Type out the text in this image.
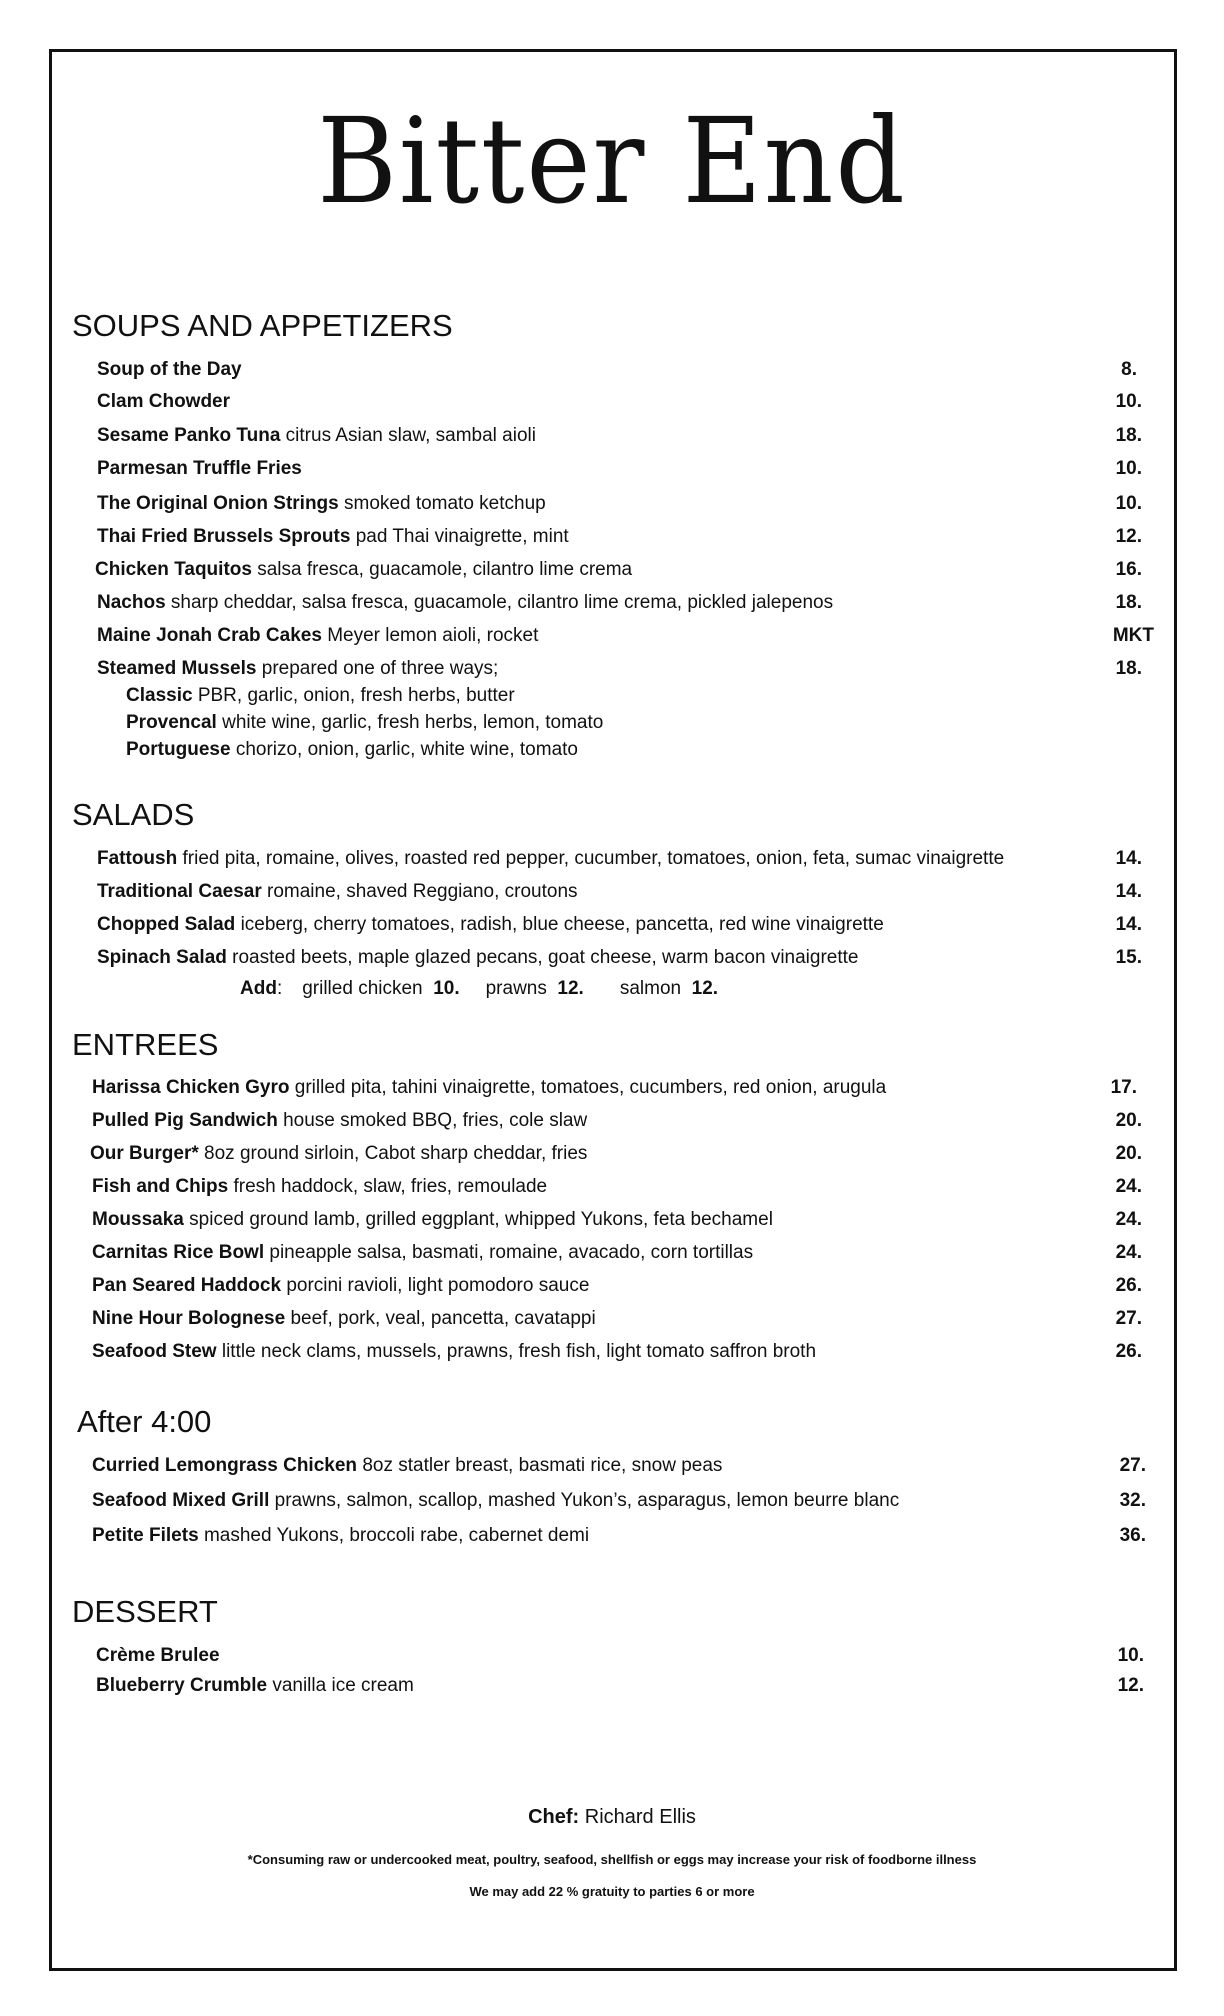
Bitter End
SOUPS AND APPETIZERS
Soup of the Day	8.
Clam Chowder	10.
Sesame Panko Tuna citrus Asian slaw, sambal aioli	18.
Parmesan Truffle Fries	10.
The Original Onion Strings smoked tomato ketchup	10.
Thai Fried Brussels Sprouts pad Thai vinaigrette, mint	12.
Chicken Taquitos salsa fresca, guacamole, cilantro lime crema	16.
Nachos sharp cheddar, salsa fresca, guacamole, cilantro lime crema, pickled jalepenos	18.
Maine Jonah Crab Cakes Meyer lemon aioli, rocket	MKT
Steamed Mussels prepared one of three ways;	18.
Classic PBR, garlic, onion, fresh herbs, butter
Provencal white wine, garlic, fresh herbs, lemon, tomato
Portuguese chorizo, onion, garlic, white wine, tomato
SALADS
Fattoush fried pita, romaine, olives, roasted red pepper, cucumber, tomatoes, onion, feta, sumac vinaigrette	14.
Traditional Caesar romaine, shaved Reggiano, croutons	14.
Chopped Salad iceberg, cherry tomatoes, radish, blue cheese, pancetta, red wine vinaigrette	14.
Spinach Salad roasted beets, maple glazed pecans, goat cheese, warm bacon vinaigrette	15.
Add: grilled chicken 10. prawns 12. salmon 12.
ENTREES
Harissa Chicken Gyro grilled pita, tahini vinaigrette, tomatoes, cucumbers, red onion, arugula	17.
Pulled Pig Sandwich house smoked BBQ, fries, cole slaw	20.
Our Burger* 8oz ground sirloin, Cabot sharp cheddar, fries	20.
Fish and Chips fresh haddock, slaw, fries, remoulade	24.
Moussaka spiced ground lamb, grilled eggplant, whipped Yukons, feta bechamel	24.
Carnitas Rice Bowl pineapple salsa, basmati, romaine, avacado, corn tortillas	24.
Pan Seared Haddock porcini ravioli, light pomodoro sauce	26.
Nine Hour Bolognese beef, pork, veal, pancetta, cavatappi	27.
Seafood Stew little neck clams, mussels, prawns, fresh fish, light tomato saffron broth	26.
After 4:00
Curried Lemongrass Chicken 8oz statler breast, basmati rice, snow peas	27.
Seafood Mixed Grill prawns, salmon, scallop, mashed Yukon’s, asparagus, lemon beurre blanc	32.
Petite Filets mashed Yukons, broccoli rabe, cabernet demi	36.
DESSERT
Crème Brulee	10.
Blueberry Crumble vanilla ice cream	12.
Chef: Richard Ellis
*Consuming raw or undercooked meat, poultry, seafood, shellfish or eggs may increase your risk of foodborne illness
We may add 22 % gratuity to parties 6 or more
